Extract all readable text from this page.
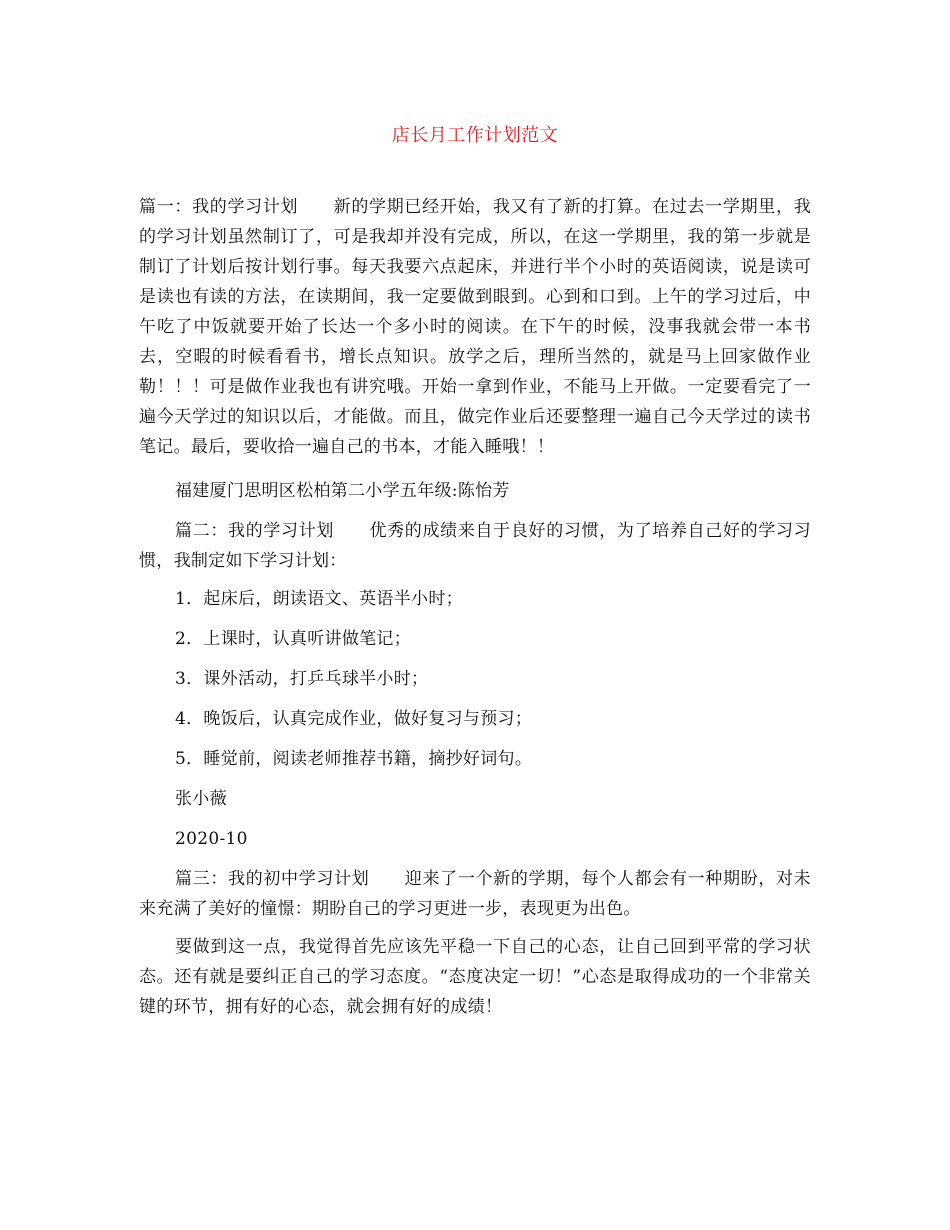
店长月工作计划范文

篇一：我的学习计划　　新的学期已经开始，我又有了新的打算。在过去一学期里，我的学习计划虽然制订了，可是我却并没有完成，所以，在这一学期里，我的第一步就是制订了计划后按计划行事。每天我要六点起床，并进行半个小时的英语阅读，说是读可是读也有读的方法，在读期间，我一定要做到眼到。心到和口到。上午的学习过后，中午吃了中饭就要开始了长达一个多小时的阅读。在下午的时候，没事我就会带一本书去，空暇的时候看看书，增长点知识。放学之后，理所当然的，就是马上回家做作业勒！！！可是做作业我也有讲究哦。开始一拿到作业，不能马上开做。一定要看完了一遍今天学过的知识以后，才能做。而且，做完作业后还要整理一遍自己今天学过的读书笔记。最后，要收拾一遍自己的书本，才能入睡哦！！

福建厦门思明区松柏第二小学五年级:陈怡芳

篇二：我的学习计划　　优秀的成绩来自于良好的习惯，为了培养自己好的学习习惯，我制定如下学习计划：

1．起床后，朗读语文、英语半小时；

2．上课时，认真听讲做笔记；

3．课外活动，打乒乓球半小时；

4．晚饭后，认真完成作业，做好复习与预习；

5．睡觉前，阅读老师推荐书籍，摘抄好词句。

张小薇

2020-10

篇三：我的初中学习计划　　迎来了一个新的学期，每个人都会有一种期盼，对未来充满了美好的憧憬：期盼自己的学习更进一步，表现更为出色。

要做到这一点，我觉得首先应该先平稳一下自己的心态，让自己回到平常的学习状态。还有就是要纠正自己的学习态度。“态度决定一切！”心态是取得成功的一个非常关键的环节，拥有好的心态，就会拥有好的成绩！
